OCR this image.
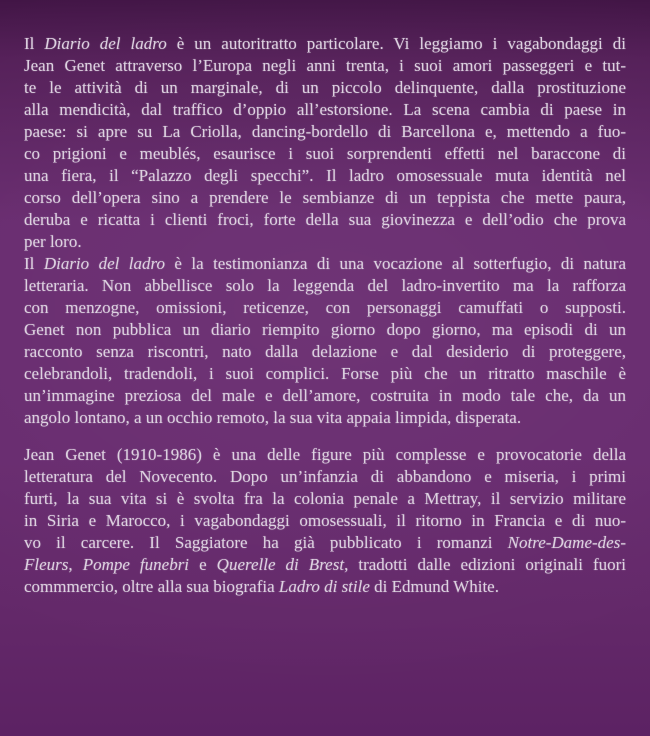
Il Diario del ladro è un autoritratto particolare. Vi leggiamo i vagabondaggi di
Jean Genet attraverso l’Europa negli anni trenta, i suoi amori passeggeri e tut-
te le attività di un marginale, di un piccolo delinquente, dalla prostituzione
alla mendicità, dal traffico d’oppio all’estorsione. La scena cambia di paese in
paese: si apre su La Criolla, dancing-bordello di Barcellona e, mettendo a fuo-
co prigioni e meublés, esaurisce i suoi sorprendenti effetti nel baraccone di
una fiera, il “Palazzo degli specchi”. Il ladro omosessuale muta identità nel
corso dell’opera sino a prendere le sembianze di un teppista che mette paura,
deruba e ricatta i clienti froci, forte della sua giovinezza e dell’odio che prova
per loro.
Il Diario del ladro è la testimonianza di una vocazione al sotterfugio, di natura
letteraria. Non abbellisce solo la leggenda del ladro-invertito ma la rafforza
con menzogne, omissioni, reticenze, con personaggi camuffati o supposti.
Genet non pubblica un diario riempito giorno dopo giorno, ma episodi di un
racconto senza riscontri, nato dalla delazione e dal desiderio di proteggere,
celebrandoli, tradendoli, i suoi complici. Forse più che un ritratto maschile è
un’immagine preziosa del male e dell’amore, costruita in modo tale che, da un
angolo lontano, a un occhio remoto, la sua vita appaia limpida, disperata.
Jean Genet (1910-1986) è una delle figure più complesse e provocatorie della
letteratura del Novecento. Dopo un’infanzia di abbandono e miseria, i primi
furti, la sua vita si è svolta fra la colonia penale a Mettray, il servizio militare
in Siria e Marocco, i vagabondaggi omosessuali, il ritorno in Francia e di nuo-
vo il carcere. Il Saggiatore ha già pubblicato i romanzi Notre-Dame-des-
Fleurs, Pompe funebri e Querelle di Brest, tradotti dalle edizioni originali fuori
commmercio, oltre alla sua biografia Ladro di stile di Edmund White.
